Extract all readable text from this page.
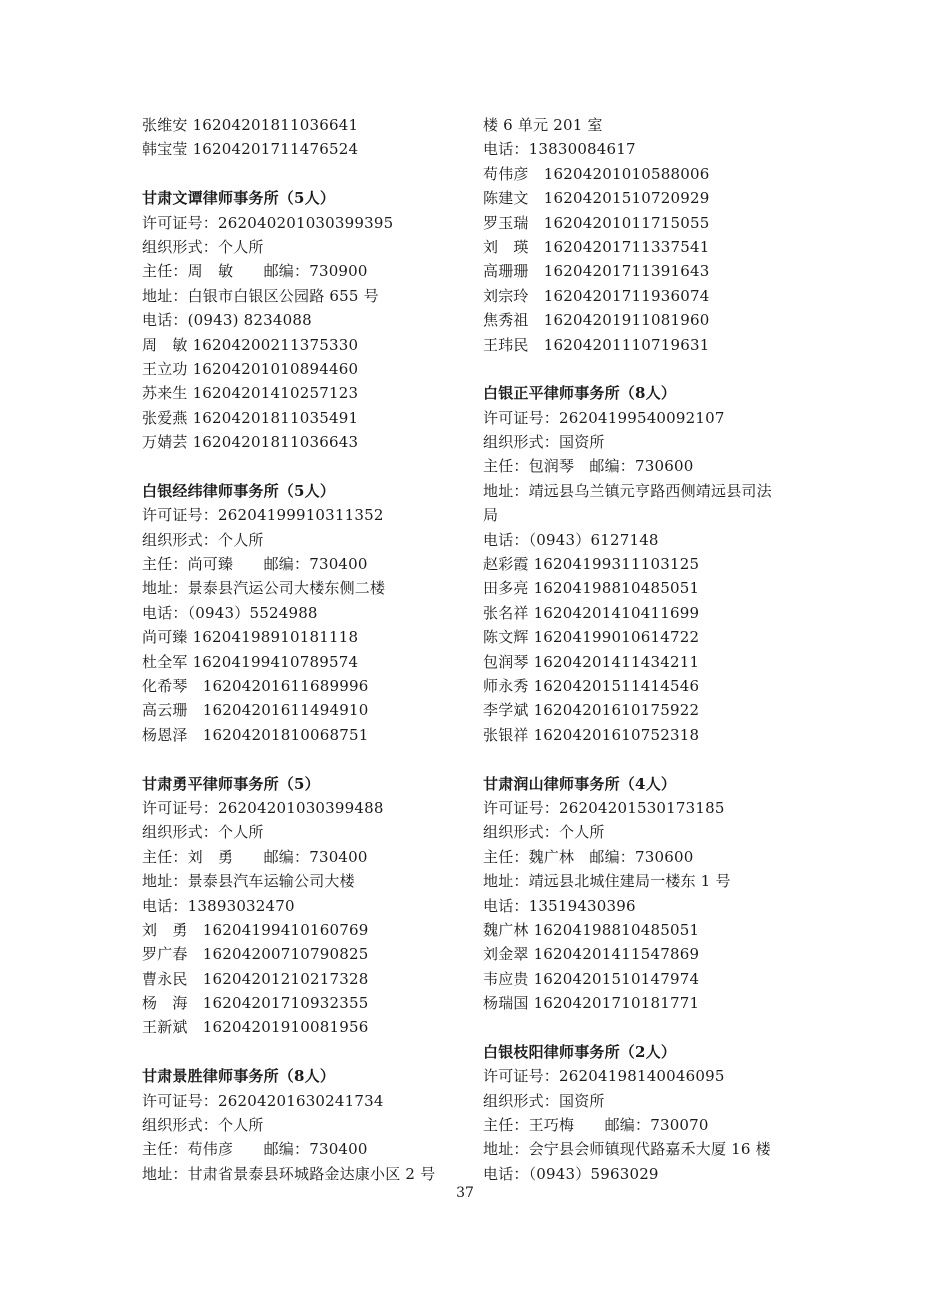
张维安 16204201811036641
韩宝莹 16204201711476524
甘肃文谭律师事务所（5人）
许可证号：26204020103039939​5
组织形式：个人所
主任：周　敏　　邮编：730900
地址：白银市白银区公园路 655 号
电话：(0943) 8234088
周　敏 16204200211375330
王立功 16204201010894460
苏来生 16204201410257123
张爱燕 16204201811035491
万婧芸 16204201811036643
白银经纬律师事务所（5人）
许可证号：26204199910311352
组织形式：个人所
主任：尚可臻　　邮编：730400
地址：景泰县汽运公司大楼东侧二楼
电话：（0943）5524988
尚可臻 16204198910181118
杜全军 16204199410789574
化希琴　16204201611689996
高云珊　16204201611494910
杨恩泽　16204201810068751
甘肃勇平律师事务所（5）
许可证号：26204201030399488
组织形式：个人所
主任：刘　勇　　邮编：730400
地址：景泰县汽车运输公司大楼
电话：13893032470
刘　勇　16204199410160769
罗广春　16204200710790825
曹永民　16204201210217328
杨　海　16204201710932355
王新斌　16204201910081956
甘肃景胜律师事务所（8人）
许可证号：26204201630241734
组织形式：个人所
主任：苟伟彦　　邮编：730400
地址：甘肃省景泰县环城路金达康小区 2 号
楼 6 单元 201 室
电话：13830084617
苟伟彦　16204201010588006
陈建文　16204201510720929
罗玉瑞　16204201011715055
刘　瑛　16204201711337541
高珊珊　16204201711391643
刘宗玲　16204201711936074
焦秀祖　16204201911081960
王玮民　16204201110719631
白银正平律师事务所（8人）
许可证号：26204199540092107
组织形式：国资所
主任：包润琴　邮编：730600
地址：靖远县乌兰镇元亨路西侧靖远县司法
局
电话：（0943）6127148
赵彩霞 16204199311103125
田多亮 16204198810485051
张名祥 16204201410411699
陈文辉 16204199010614722
包润琴 16204201411434211
师永秀 16204201511414546
李学斌 16204201610175922
张银祥 16204201610752318
甘肃润山律师事务所（4人）
许可证号：26204201530173185
组织形式：个人所
主任：魏广林　邮编：730600
地址：靖远县北城住建局一楼东 1 号
电话：13519430396
魏广林 16204198810485051
刘金翠 16204201411547869
韦应贵 16204201510147974
杨瑞国 16204201710181771
白银枝阳律师事务所（2人）
许可证号：26204198140046095
组织形式：国资所
主任：王巧梅　　邮编：730070
地址：会宁县会师镇现代路嘉禾大厦 16 楼
电话：（0943）5963029
37
